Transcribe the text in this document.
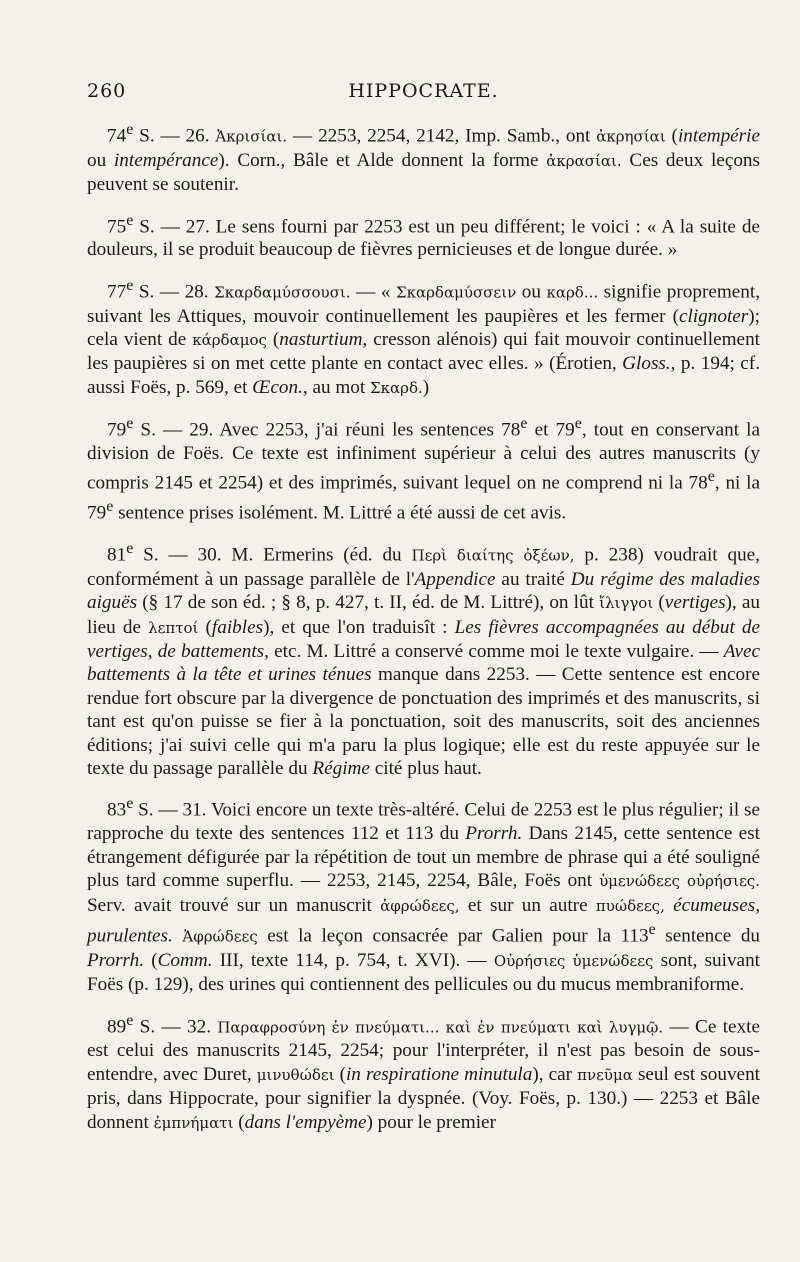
260	HIPPOCRATE.

74e S. — 26. Ἀκρισίαι. — 2253, 2254, 2142, Imp. Samb., ont ἀκρησίαι (intempérie ou intempérance). Corn., Bâle et Alde donnent la forme ἀκρασίαι. Ces deux leçons peuvent se soutenir.

75e S. — 27. Le sens fourni par 2253 est un peu différent; le voici : « A la suite de douleurs, il se produit beaucoup de fièvres pernicieuses et de longue durée. »

77e S. — 28. Σκαρδαμύσσουσι. — « Σκαρδαμύσσειν ou καρδ... signifie proprement, suivant les Attiques, mouvoir continuellement les paupières et les fermer (clignoter); cela vient de κάρδαμος (nasturtium, cresson alénois) qui fait mouvoir continuellement les paupières si on met cette plante en contact avec elles. » (Érotien, Gloss., p. 194; cf. aussi Foës, p. 569, et Œcon., au mot Σκαρδ.)

79e S. — 29. Avec 2253, j'ai réuni les sentences 78e et 79e, tout en conservant la division de Foës. Ce texte est infiniment supérieur à celui des autres manuscrits (y compris 2145 et 2254) et des imprimés, suivant lequel on ne comprend ni la 78e, ni la 79e sentence prises isolément. M. Littré a été aussi de cet avis.

81e S. — 30. M. Ermerins (éd. du Περὶ διαίτης ὀξέων, p. 238) voudrait que, conformément à un passage parallèle de l'Appendice au traité Du régime des maladies aiguës (§ 17 de son éd. ; § 8, p. 427, t. II, éd. de M. Littré), on lût ἴλιγγοι (vertiges), au lieu de λεπτοί (faibles), et que l'on traduisît : Les fièvres accompagnées au début de vertiges, de battements, etc. M. Littré a conservé comme moi le texte vulgaire. — Avec battements à la tête et urines ténues manque dans 2253. — Cette sentence est encore rendue fort obscure par la divergence de ponctuation des imprimés et des manuscrits, si tant est qu'on puisse se fier à la ponctuation, soit des manuscrits, soit des anciennes éditions; j'ai suivi celle qui m'a paru la plus logique; elle est du reste appuyée sur le texte du passage parallèle du Régime cité plus haut.

83e S. — 31. Voici encore un texte très-altéré. Celui de 2253 est le plus régulier; il se rapproche du texte des sentences 112 et 113 du Prorrh. Dans 2145, cette sentence est étrangement défigurée par la répétition de tout un membre de phrase qui a été souligné plus tard comme superflu. — 2253, 2145, 2254, Bâle, Foës ont ὑμενώδεες οὐρήσιες. Serv. avait trouvé sur un manuscrit ἀφρώδεες, et sur un autre πυώδεες, écumeuses, purulentes. Ἀφρώδεες est la leçon consacrée par Galien pour la 113e sentence du Prorrh. (Comm. III, texte 114, p. 754, t. XVI). — Οὐρήσιες ὑμενώδεες sont, suivant Foës (p. 129), des urines qui contiennent des pellicules ou du mucus membraniforme.

89e S. — 32. Παραφροσύνη ἐν πνεύματι... καὶ ἐν πνεύματι καὶ λυγμῷ. — Ce texte est celui des manuscrits 2145, 2254; pour l'interpréter, il n'est pas besoin de sous-entendre, avec Duret, μινυθώδει (in respiratione minutula), car πνεῦμα seul est souvent pris, dans Hippocrate, pour signifier la dyspnée. (Voy. Foës, p. 130.) — 2253 et Bâle donnent ἐμπνήματι (dans l'empyème) pour le premier
